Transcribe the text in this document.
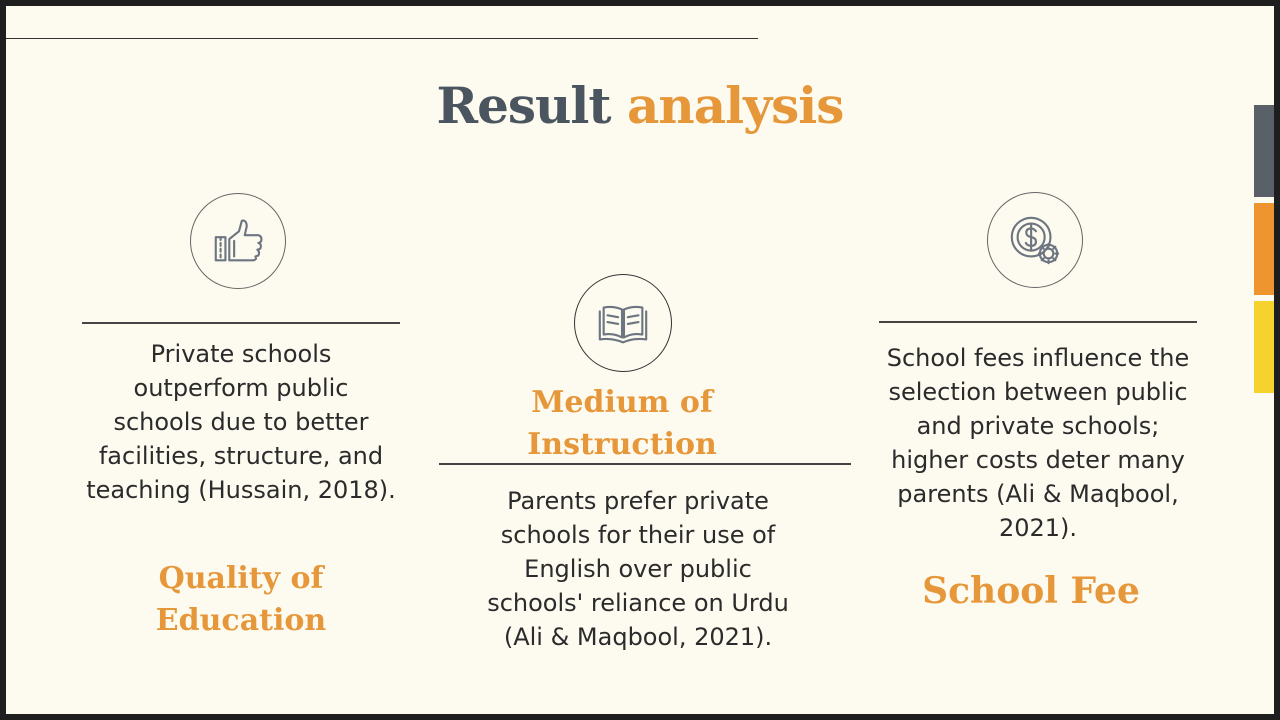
Result analysis

Private schools outperform public schools due to better facilities, structure, and teaching (Hussain, 2018).

Quality of Education

Medium of Instruction

Parents prefer private schools for their use of English over public schools' reliance on Urdu (Ali & Maqbool, 2021).

School fees influence the selection between public and private schools; higher costs deter many parents (Ali & Maqbool, 2021).

School Fee
